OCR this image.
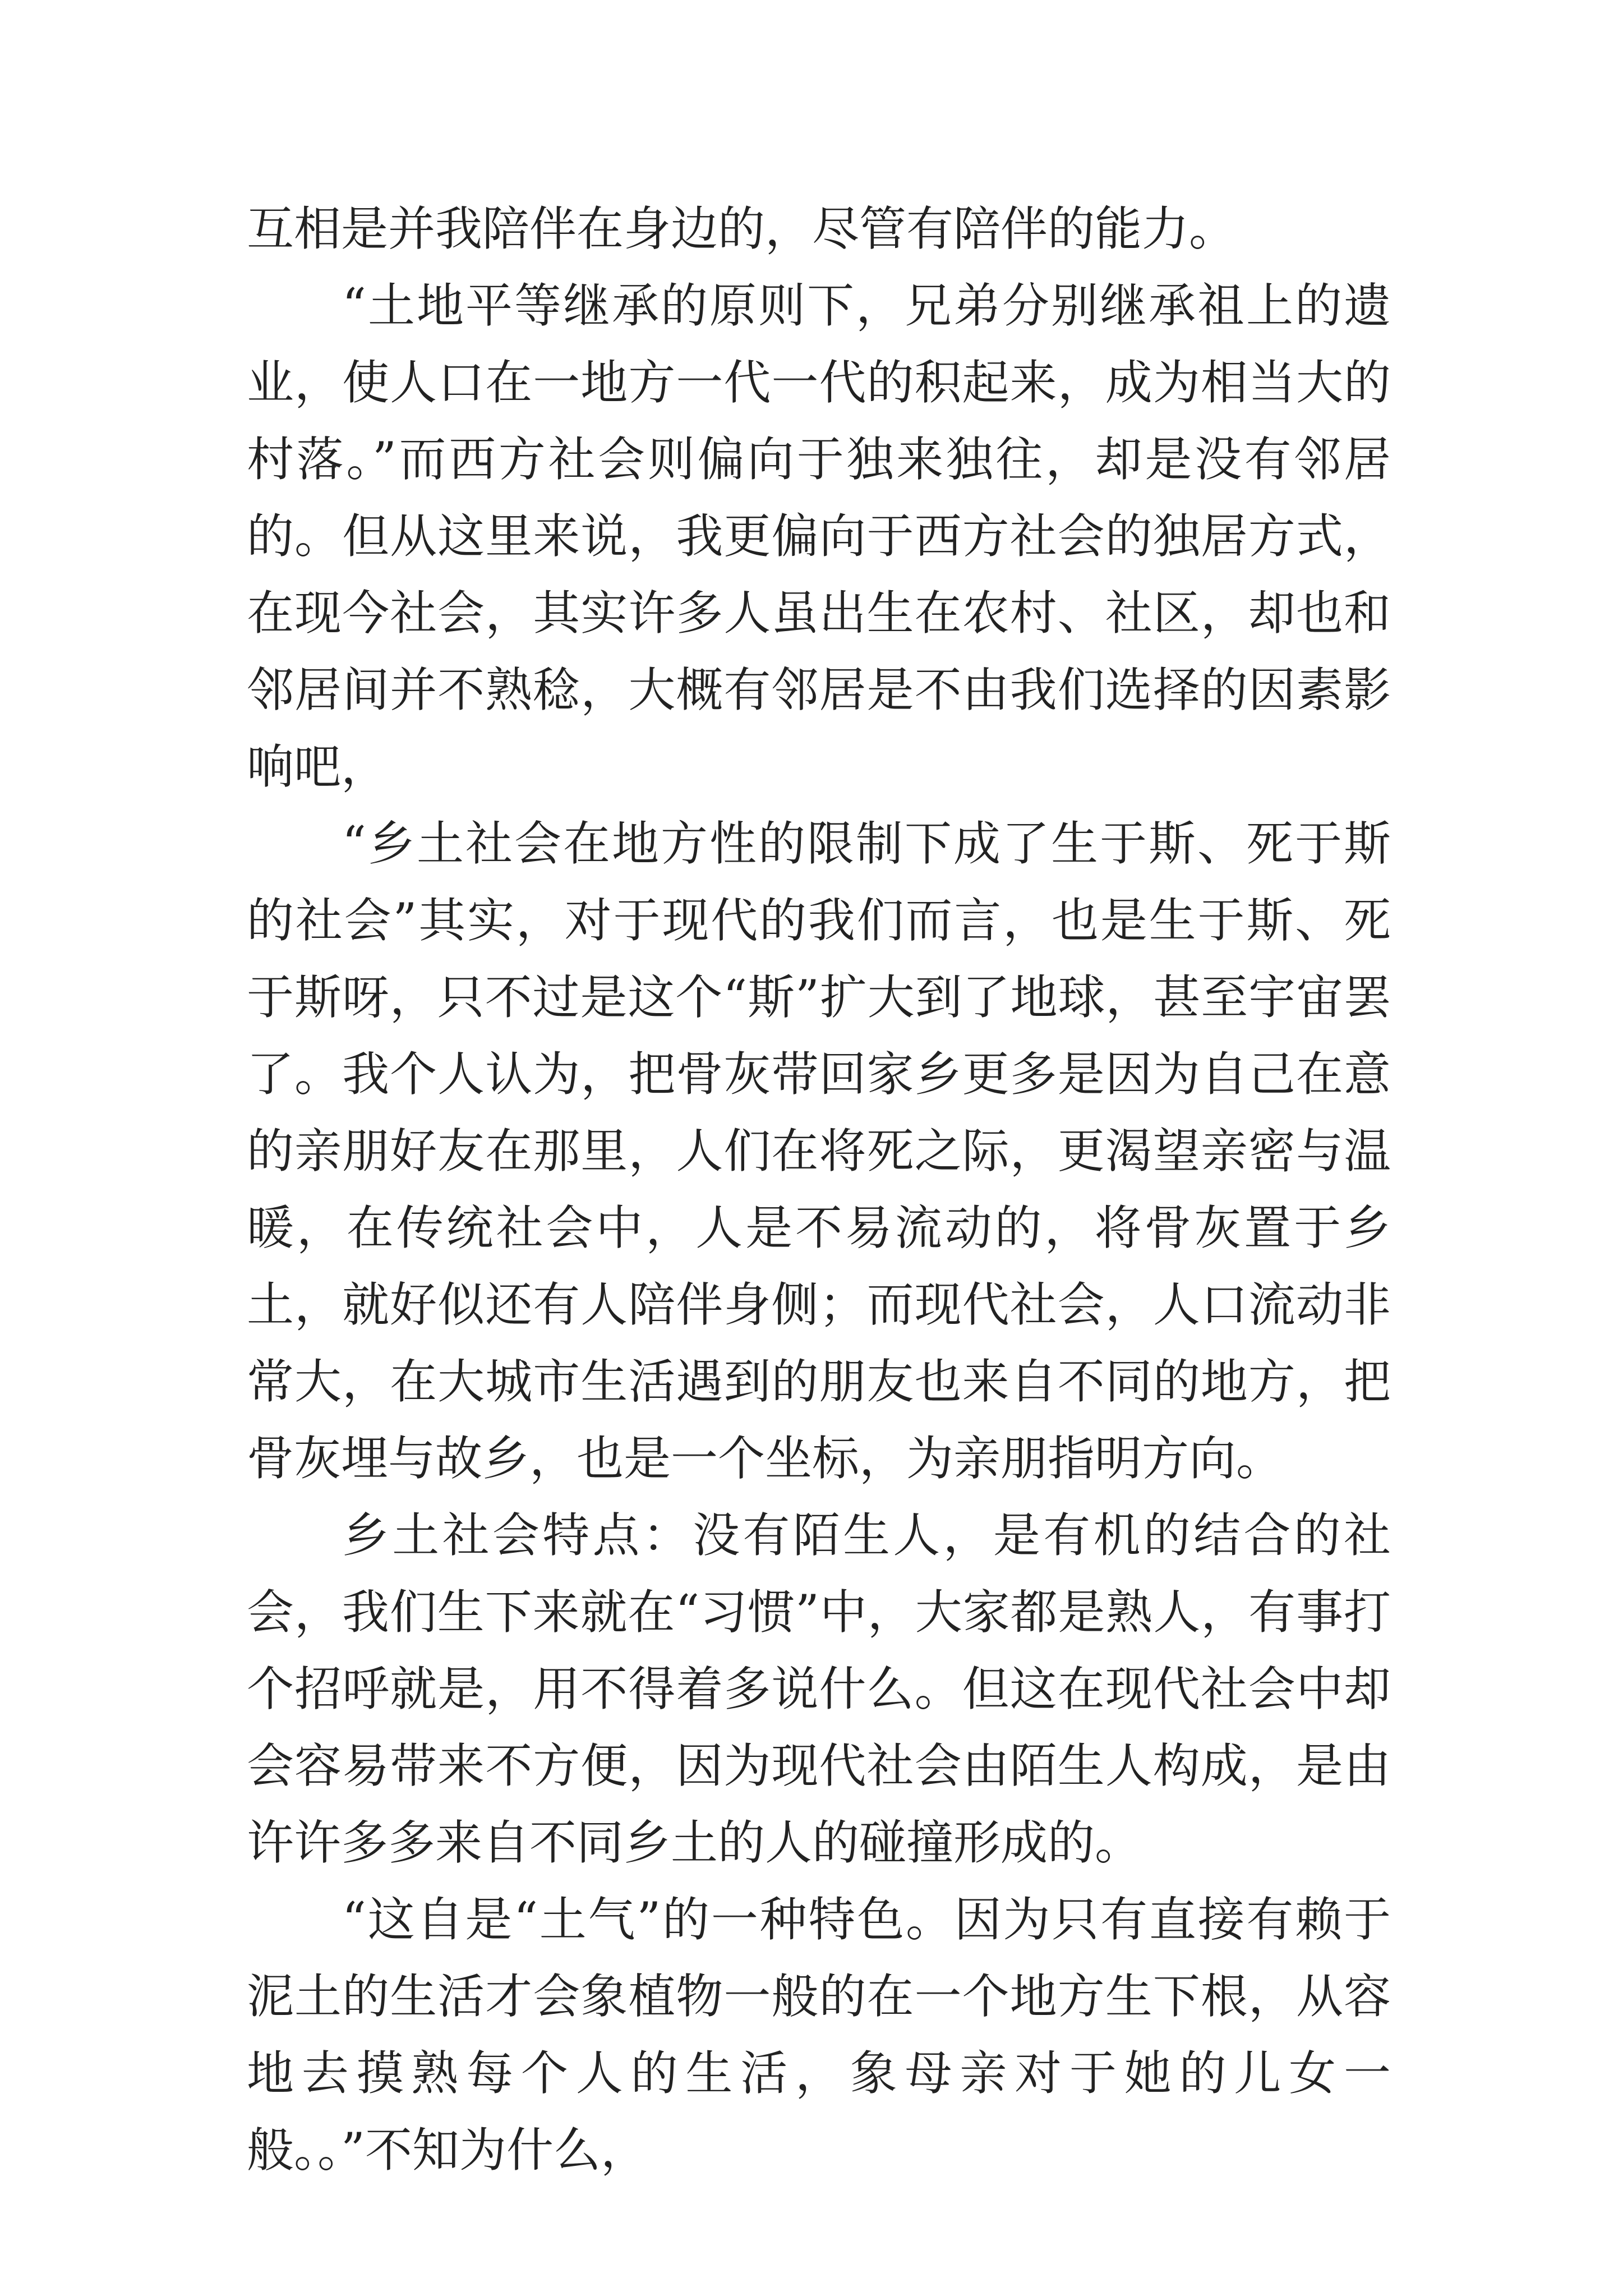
互相是并我陪伴在身边的，尽管有陪伴的能力。

“土地平等继承的原则下，兄弟分别继承祖上的遗业，使人口在一地方一代一代的积起来，成为相当大的村落。”而西方社会则偏向于独来独往，却是没有邻居的。但从这里来说，我更偏向于西方社会的独居方式，在现今社会，其实许多人虽出生在农村、社区，却也和邻居间并不熟稔，大概有邻居是不由我们选择的因素影响吧，

“乡土社会在地方性的限制下成了生于斯、死于斯的社会”其实，对于现代的我们而言，也是生于斯、死于斯呀，只不过是这个“斯”扩大到了地球，甚至宇宙罢了。我个人认为，把骨灰带回家乡更多是因为自己在意的亲朋好友在那里，人们在将死之际，更渴望亲密与温暖，在传统社会中，人是不易流动的，将骨灰置于乡土，就好似还有人陪伴身侧；而现代社会，人口流动非常大，在大城市生活遇到的朋友也来自不同的地方，把骨灰埋与故乡，也是一个坐标，为亲朋指明方向。

乡土社会特点：没有陌生人，是有机的结合的社会，我们生下来就在“习惯”中，大家都是熟人，有事打个招呼就是，用不得着多说什么。但这在现代社会中却会容易带来不方便，因为现代社会由陌生人构成，是由许许多多来自不同乡土的人的碰撞形成的。

“这自是“土气”的一种特色。因为只有直接有赖于泥土的生活才会象植物一般的在一个地方生下根，从容地去摸熟每个人的生活，象母亲对于她的儿女一般。。”不知为什么，
